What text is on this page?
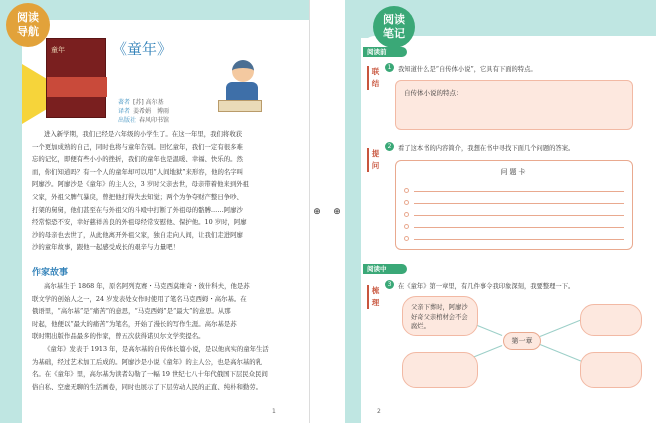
阅读
导航
童年	《童年》
著者 [苏] 高尔基
译者 姜希娟　博雨
出版社 春风印书馆
进入新学期，我们已经是六年级的小学生了。在这一年里，我们将收获
一个更加成熟的自己，同时也将与童年告别。回忆童年，我们一定有很多难
忘的记忆，即便有些小小的挫折，我们的童年也是温暖、幸福、快乐的。然
而，你们知道吗？有一个人的童年却可以用“人间地狱”来形容，他的名字叫
阿廖沙。阿廖沙是《童年》的主人公，3 岁时父亲去世，母亲带着他来到外祖
父家，外祖父脾气暴戾，曾把他打得失去知觉；两个为争夺财产整日争吵、
打架的舅舅，他们甚至在与外祖父的斗殴中打断了外祖母的骼膊……阿廖沙
经常惊恐不安，幸好慈祥善良的外祖母经常安慰他、保护他。10 岁时，阿廖
沙的母亲也去世了，从此他离开外祖父家，独自走向人间，让我们走进阿廖
沙的童年故事，跟他一起感受成长的艰辛与力量吧！
作家故事
高尔基生于 1868 年，原名阿列克赛・马克西莫维奇・彼什科夫，他是苏
联文学的创始人之一，24 岁发表处女作时使用了笔名马克西姆・高尔基。在
俄语里，“高尔基”是“痛苦”的意思，“马克西姆”是“最大”的意思。从那
时起，他便以“最大的痛苦”为笔名，开始了漫长的写作生涯。高尔基是苏
联时期出版作品最多的作家，曾五次获得诺贝尔文学奖提名。
《童年》发表于 1913 年，是高尔基的自传体长篇小说，是以他真实的童年生活
为基础，经过艺术加工后成的。阿廖沙是小说《童年》的主人公，也是高尔基的乳
名。在《童年》里，高尔基为读者勾勒了一幅 19 世纪七八十年代俄国下层民众民间
俗自私、空虚无聊的生活画卷，同时也展示了下层劳动人民的正直、纯朴和勤劳。
1
⊕ ⊕
阅读
笔记
阅读前
联结
1	我知道什么是“自传体小说”，它具有下面的特点。
自传体小说的特点：
提问
2	看了这本书的内容简介，我想在书中寻找下面几个问题的答案。
问题卡
阅读中
梳理
3	在《童年》第一章里，有几件事令我印象深刻，我要整理一下。
父亲下葬时，阿廖沙好奇父亲棺材会不会腐烂。
第一章
2
